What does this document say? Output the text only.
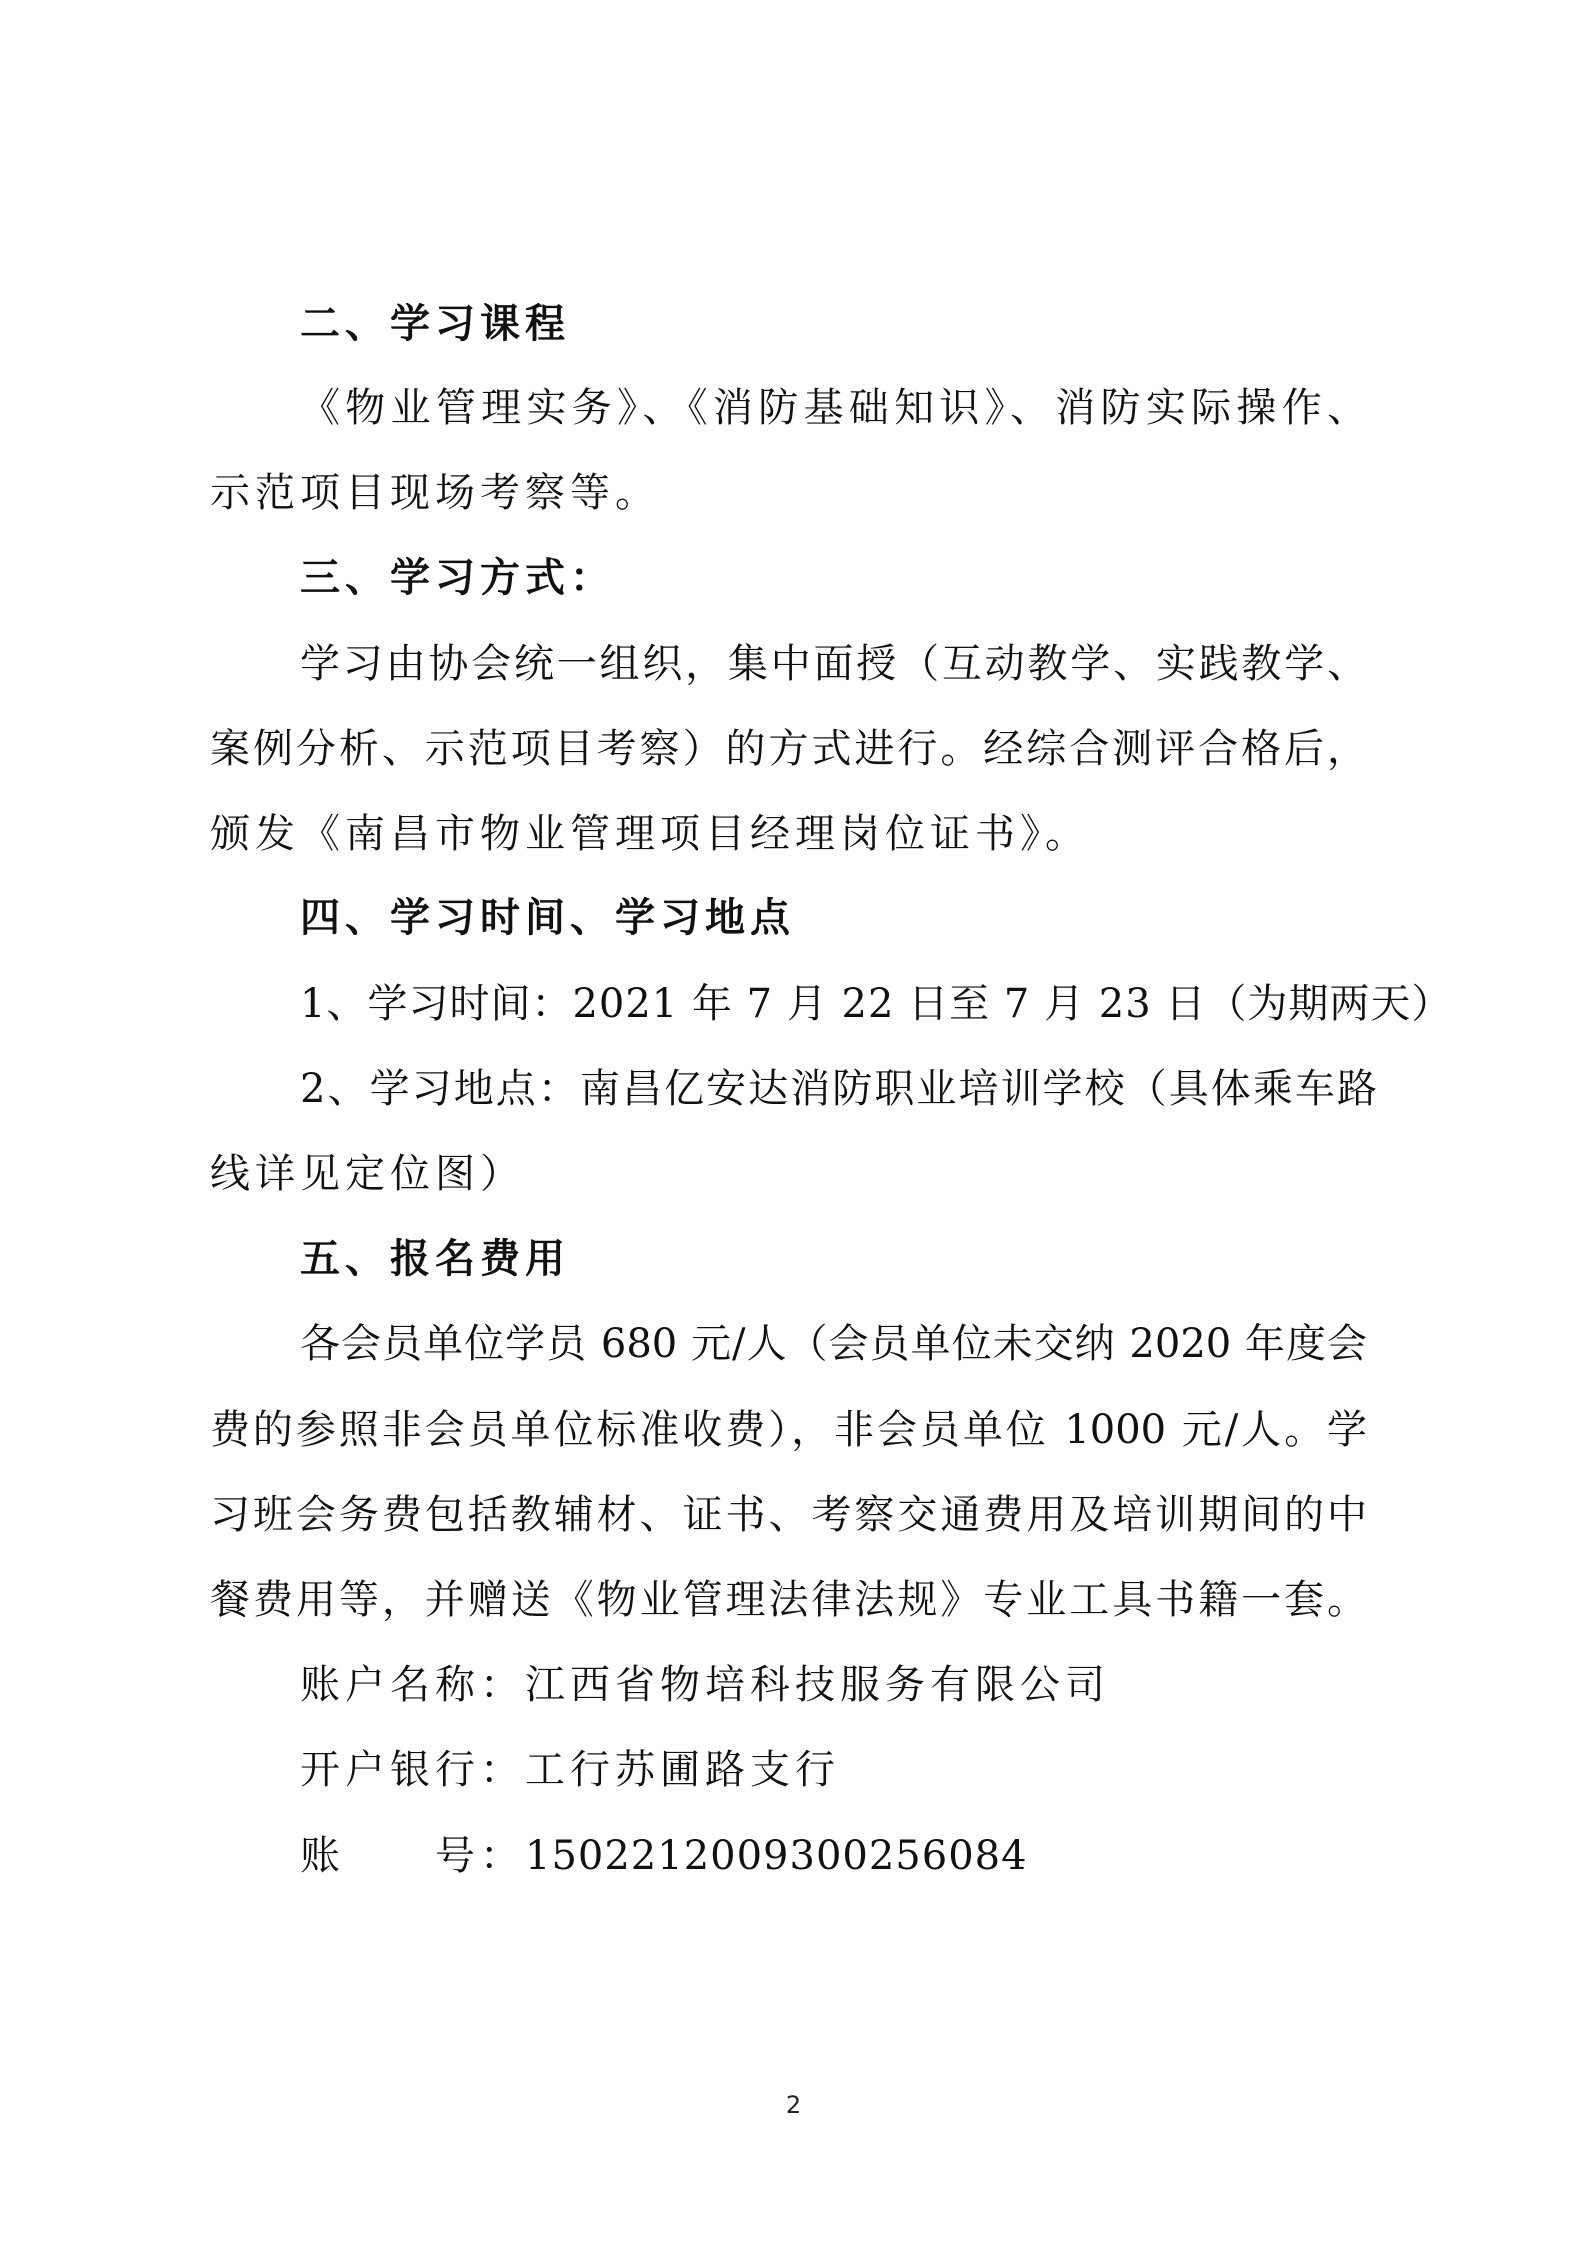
二、学习课程
《物业管理实务》、《消防基础知识》、消防实际操作、
示范项目现场考察等。
三、学习方式：
学习由协会统一组织，集中面授（互动教学、实践教学、
案例分析、示范项目考察）的方式进行。经综合测评合格后，
颁发《南昌市物业管理项目经理岗位证书》。
四、学习时间、学习地点
1、学习时间：2021 年 7 月 22 日至 7 月 23 日（为期两天）
2、学习地点：南昌亿安达消防职业培训学校（具体乘车路
线详见定位图）
五、报名费用
各会员单位学员 680 元/人（会员单位未交纳 2020 年度会
费的参照非会员单位标准收费），非会员单位 1000 元/人。学
习班会务费包括教辅材、证书、考察交通费用及培训期间的中
餐费用等，并赠送《物业管理法律法规》专业工具书籍一套。
账户名称：江西省物培科技服务有限公司
开户银行：工行苏圃路支行
账　　号：1502212009300256084
2
